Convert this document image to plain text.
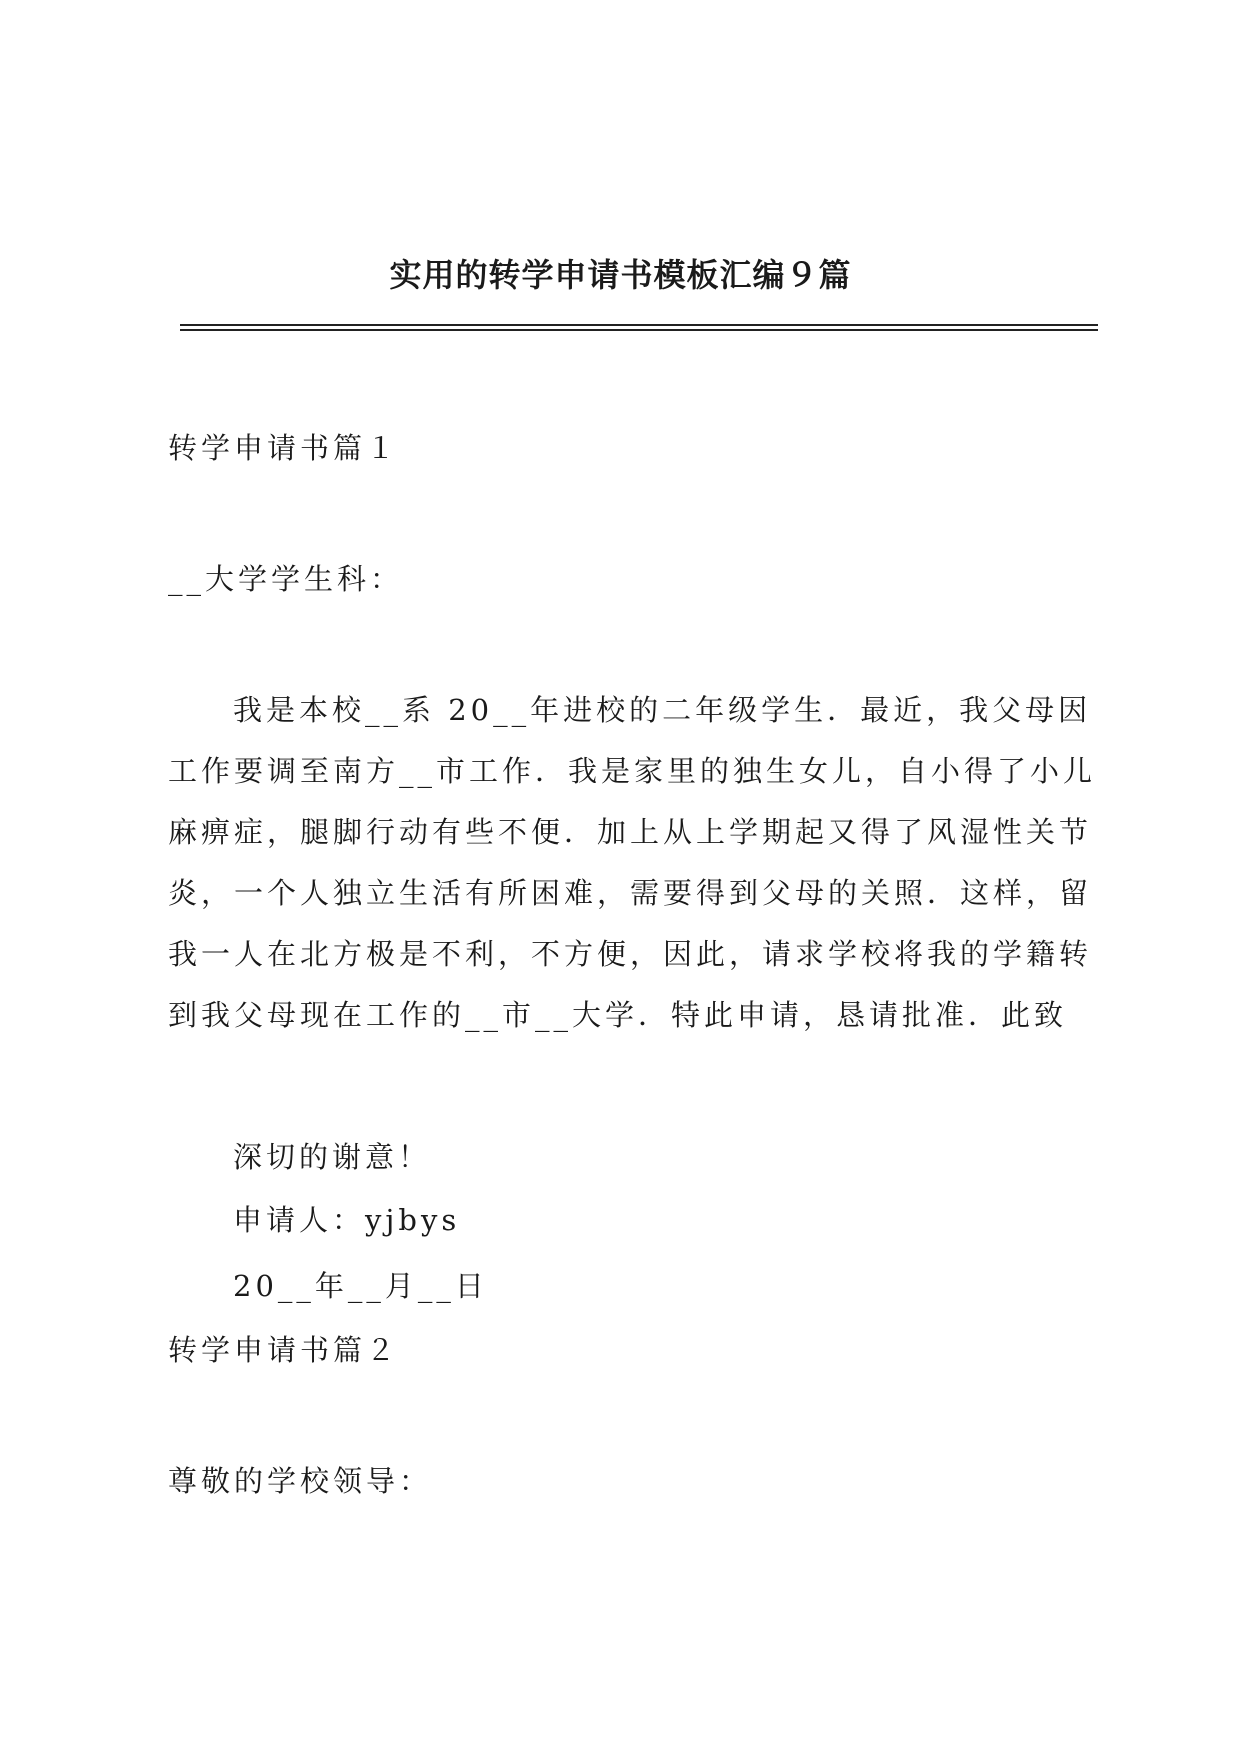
实用的转学申请书模板汇编９篇

转学申请书篇１

__大学学生科：

我是本校__系 20__年进校的二年级学生．最近，我父母因
工作要调至南方__市工作．我是家里的独生女儿，自小得了小儿
麻痹症，腿脚行动有些不便．加上从上学期起又得了风湿性关节
炎，一个人独立生活有所困难，需要得到父母的关照．这样，留
我一人在北方极是不利，不方便，因此，请求学校将我的学籍转
到我父母现在工作的__市__大学．特此申请，恳请批准．此致

深切的谢意！

申请人：yjbys

20__年__月__日

转学申请书篇２

尊敬的学校领导：
